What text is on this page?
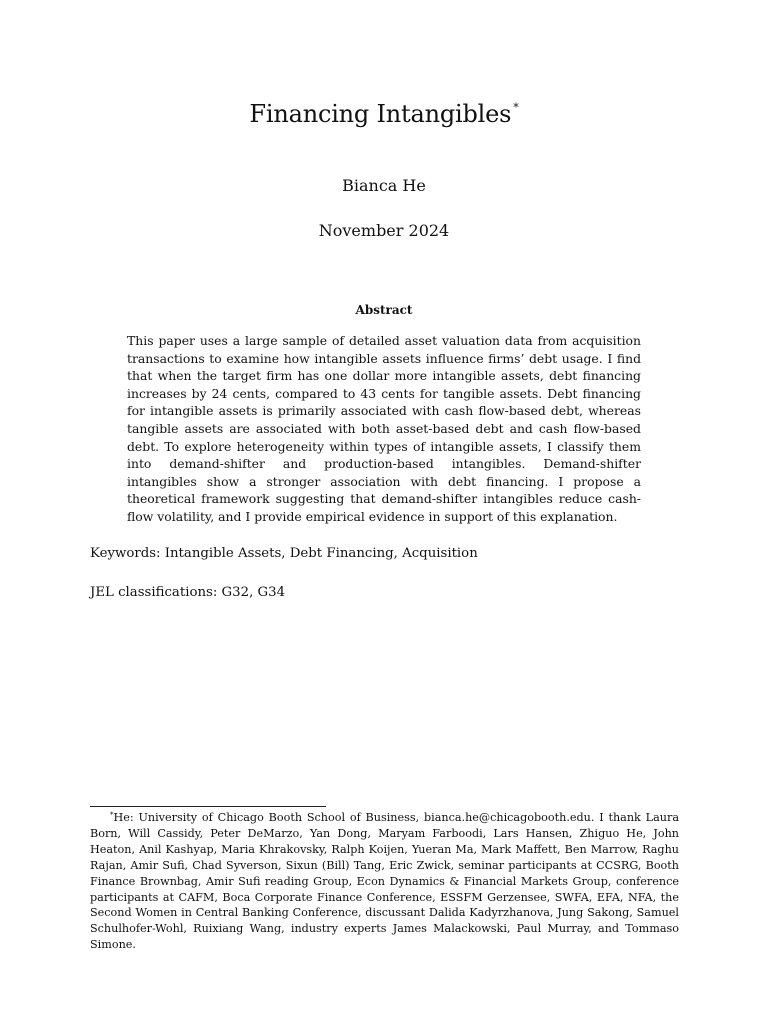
Financing Intangibles *
Bianca He
November 2024
Abstract

This paper uses a large sample of detailed asset valuation data from acquisition transactions to examine how intangible assets influence firms’ debt usage. I find that when the target firm has one dollar more intangible assets, debt financing increases by 24 cents, compared to 43 cents for tangible assets. Debt financing for intangible assets is primarily associated with cash flow-based debt, whereas tangible assets are associated with both asset-based debt and cash flow-based debt. To explore heterogeneity within types of intangible assets, I classify them into demand-shifter and production-based intangibles. Demand-shifter intangibles show a stronger association with debt financing. I propose a theoretical framework suggesting that demand-shifter intangibles reduce cash-flow volatility, and I provide empirical evidence in support of this explanation.

Keywords: Intangible Assets, Debt Financing, Acquisition

JEL classifications: G32, G34

*He: University of Chicago Booth School of Business, bianca.he@chicagobooth.edu. I thank Laura Born, Will Cassidy, Peter DeMarzo, Yan Dong, Maryam Farboodi, Lars Hansen, Zhiguo He, John Heaton, Anil Kashyap, Maria Khrakovsky, Ralph Koijen, Yueran Ma, Mark Maffett, Ben Marrow, Raghu Rajan, Amir Sufi, Chad Syverson, Sixun (Bill) Tang, Eric Zwick, seminar participants at CCSRG, Booth Finance Brownbag, Amir Sufi reading Group, Econ Dynamics & Financial Markets Group, conference participants at CAFM, Boca Corporate Finance Conference, ESSFM Gerzensee, SWFA, EFA, NFA, the Second Women in Central Banking Conference, discussant Dalida Kadyrzhanova, Jung Sakong, Samuel Schulhofer-Wohl, Ruixiang Wang, industry experts James Malackowski, Paul Murray, and Tommaso Simone.
